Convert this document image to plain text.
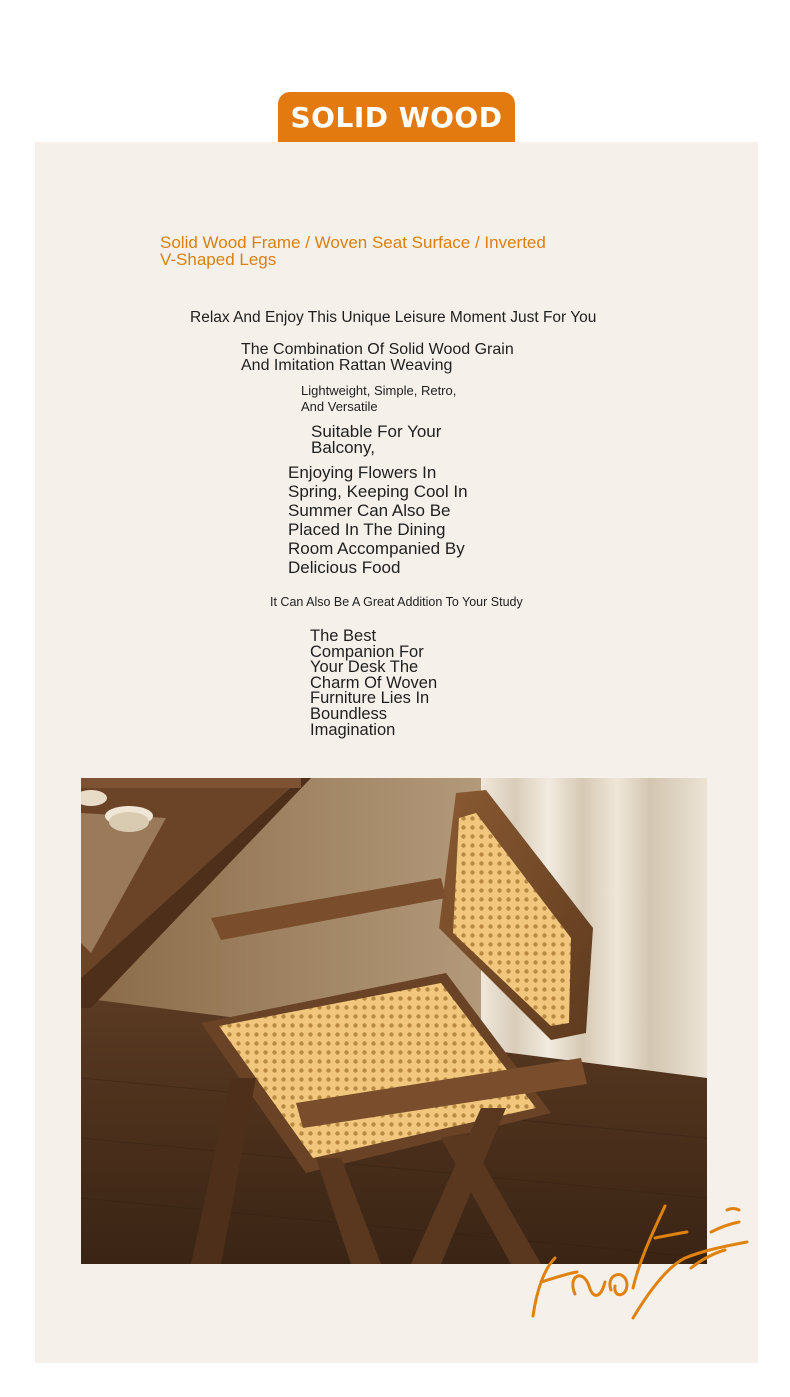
SOLID WOOD

Solid Wood Frame / Woven Seat Surface / Inverted
V-Shaped Legs

Relax And Enjoy This Unique Leisure Moment Just For You

The Combination Of Solid Wood Grain
And Imitation Rattan Weaving

Lightweight, Simple, Retro,
And Versatile

Suitable For Your
Balcony,

Enjoying Flowers In
Spring, Keeping Cool In
Summer Can Also Be
Placed In The Dining
Room Accompanied By
Delicious Food

It Can Also Be A Great Addition To Your Study

The Best
Companion For
Your Desk The
Charm Of Woven
Furniture Lies In
Boundless
Imagination
